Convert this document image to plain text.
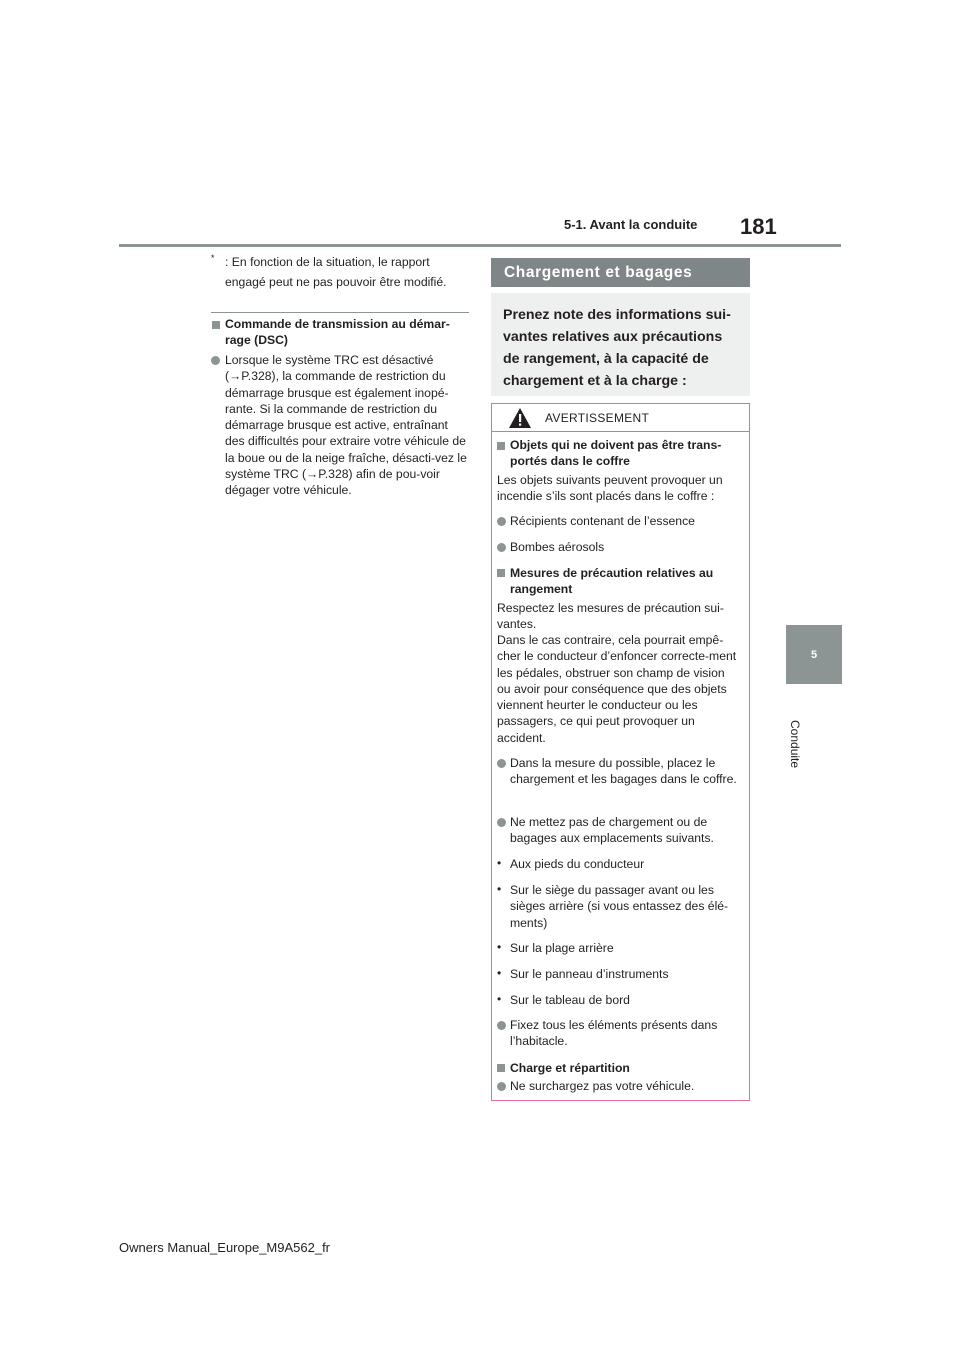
5-1. Avant la conduite 181
5
Conduite
* : En fonction de la situation, le rapport
engagé peut ne pas pouvoir être modifié.
Commande de transmission au démar-rage (DSC)
Lorsque le système TRC est désactivé (→P.328), la commande de restriction du démarrage brusque est également inopé-rante. Si la commande de restriction du démarrage brusque est active, entraînant des difficultés pour extraire votre véhicule de la boue ou de la neige fraîche, désacti-vez le système TRC (→P.328) afin de pou-voir dégager votre véhicule.
Chargement et bagages
Prenez note des informations sui-vantes relatives aux précautions de rangement, à la capacité de chargement et à la charge :
AVERTISSEMENT
Objets qui ne doivent pas être trans-portés dans le coffre
Les objets suivants peuvent provoquer un incendie s’ils sont placés dans le coffre :
Récipients contenant de l’essence
Bombes aérosols
Mesures de précaution relatives au rangement
Respectez les mesures de précaution sui-vantes.
Dans le cas contraire, cela pourrait empê-cher le conducteur d’enfoncer correcte-ment les pédales, obstruer son champ de vision ou avoir pour conséquence que des objets viennent heurter le conducteur ou les passagers, ce qui peut provoquer un accident.
Dans la mesure du possible, placez le chargement et les bagages dans le coffre.
Ne mettez pas de chargement ou de bagages aux emplacements suivants.
• Aux pieds du conducteur
• Sur le siège du passager avant ou les sièges arrière (si vous entassez des élé-ments)
• Sur la plage arrière
• Sur le panneau d’instruments
• Sur le tableau de bord
Fixez tous les éléments présents dans l’habitacle.
Charge et répartition
Ne surchargez pas votre véhicule.
Owners Manual_Europe_M9A562_fr
